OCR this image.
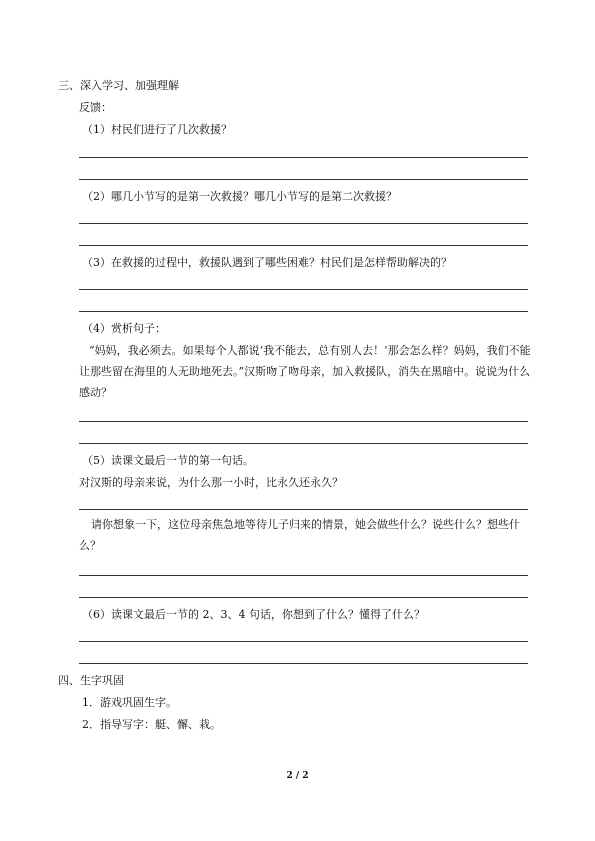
三、深入学习、加强理解
反馈：
（1）村民们进行了几次救援？
（2）哪几小节写的是第一次救援？哪几小节写的是第二次救援？
（3）在救援的过程中，救援队遇到了哪些困难？村民们是怎样帮助解决的？
（4）赏析句子：
“妈妈，我必须去。如果每个人都说‘我不能去，总有别人去！’那会怎么样？妈妈，我们不能让那些留在海里的人无助地死去。”汉斯吻了吻母亲，加入救援队，消失在黑暗中。说说为什么感动？
（5）读课文最后一节的第一句话。
对汉斯的母亲来说，为什么那一小时，比永久还永久？
请你想象一下，这位母亲焦急地等待儿子归来的情景，她会做些什么？说些什么？想些什么？
（6）读课文最后一节的 2、3、4 句话，你想到了什么？懂得了什么？
四、生字巩固
1．游戏巩固生字。
2．指导写字：艇、懈、栽。
2 / 2
